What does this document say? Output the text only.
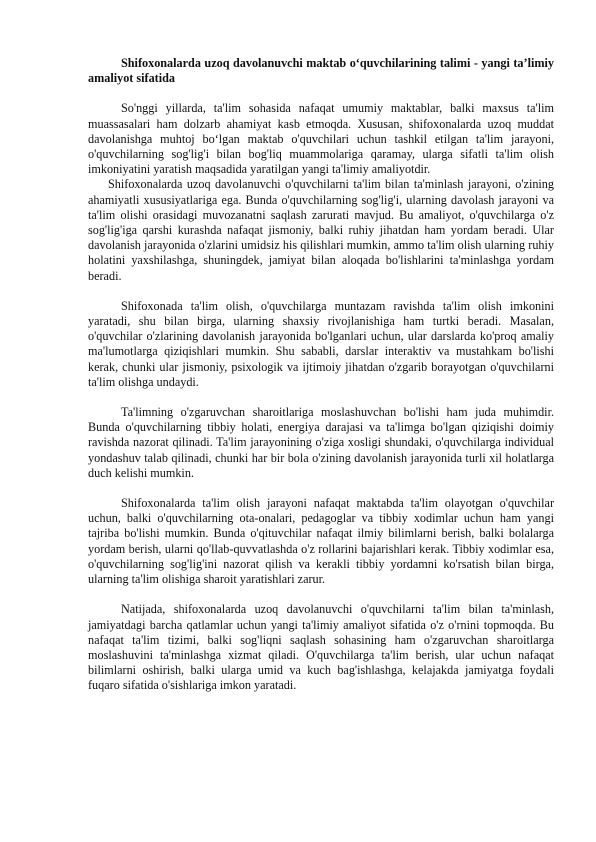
Shifoxonalarda uzoq davolanuvchi maktab o‘quvchilarining talimi - yangi ta’limiy amaliyot sifatida

So'nggi yillarda, ta'lim sohasida nafaqat umumiy maktablar, balki maxsus ta'lim muassasalari ham dolzarb ahamiyat kasb etmoqda. Xususan, shifoxonalarda uzoq muddat davolanishga muhtoj bo‘lgan maktab o'quvchilari uchun tashkil etilgan ta'lim jarayoni, o'quvchilarning sog'lig'i bilan bog'liq muammolariga qaramay, ularga sifatli ta'lim olish imkoniyatini yaratish maqsadida yaratilgan yangi ta'limiy amaliyotdir.

Shifoxonalarda uzoq davolanuvchi o'quvchilarni ta'lim bilan ta'minlash jarayoni, o'zining ahamiyatli xususiyatlariga ega. Bunda o'quvchilarning sog'lig'i, ularning davolash jarayoni va ta'lim olishi orasidagi muvozanatni saqlash zarurati mavjud. Bu amaliyot, o'quvchilarga o'z sog'lig'iga qarshi kurashda nafaqat jismoniy, balki ruhiy jihatdan ham yordam beradi. Ular davolanish jarayonida o'zlarini umidsiz his qilishlari mumkin, ammo ta'lim olish ularning ruhiy holatini yaxshilashga, shuningdek, jamiyat bilan aloqada bo'lishlarini ta'minlashga yordam beradi.

Shifoxonada ta'lim olish, o'quvchilarga muntazam ravishda ta'lim olish imkonini yaratadi, shu bilan birga, ularning shaxsiy rivojlanishiga ham turtki beradi. Masalan, o'quvchilar o'zlarining davolanish jarayonida bo'lganlari uchun, ular darslarda ko'proq amaliy ma'lumotlarga qiziqishlari mumkin. Shu sababli, darslar interaktiv va mustahkam bo'lishi kerak, chunki ular jismoniy, psixologik va ijtimoiy jihatdan o'zgarib borayotgan o'quvchilarni ta'lim olishga undaydi.

Ta'limning o'zgaruvchan sharoitlariga moslashuvchan bo'lishi ham juda muhimdir. Bunda o'quvchilarning tibbiy holati, energiya darajasi va ta'limga bo'lgan qiziqishi doimiy ravishda nazorat qilinadi. Ta'lim jarayonining o'ziga xosligi shundaki, o'quvchilarga individual yondashuv talab qilinadi, chunki har bir bola o'zining davolanish jarayonida turli xil holatlarga duch kelishi mumkin.

Shifoxonalarda ta'lim olish jarayoni nafaqat maktabda ta'lim olayotgan o'quvchilar uchun, balki o'quvchilarning ota-onalari, pedagoglar va tibbiy xodimlar uchun ham yangi tajriba bo'lishi mumkin. Bunda o'qituvchilar nafaqat ilmiy bilimlarni berish, balki bolalarga yordam berish, ularni qo'llab-quvvatlashda o'z rollarini bajarishlari kerak. Tibbiy xodimlar esa, o'quvchilarning sog'lig'ini nazorat qilish va kerakli tibbiy yordamni ko'rsatish bilan birga, ularning ta'lim olishiga sharoit yaratishlari zarur.

Natijada, shifoxonalarda uzoq davolanuvchi o'quvchilarni ta'lim bilan ta'minlash, jamiyatdagi barcha qatlamlar uchun yangi ta'limiy amaliyot sifatida o'z o'rnini topmoqda. Bu nafaqat ta'lim tizimi, balki sog'liqni saqlash sohasining ham o'zgaruvchan sharoitlarga moslashuvini ta'minlashga xizmat qiladi. O'quvchilarga ta'lim berish, ular uchun nafaqat bilimlarni oshirish, balki ularga umid va kuch bag'ishlashga, kelajakda jamiyatga foydali fuqaro sifatida o'sishlariga imkon yaratadi.
